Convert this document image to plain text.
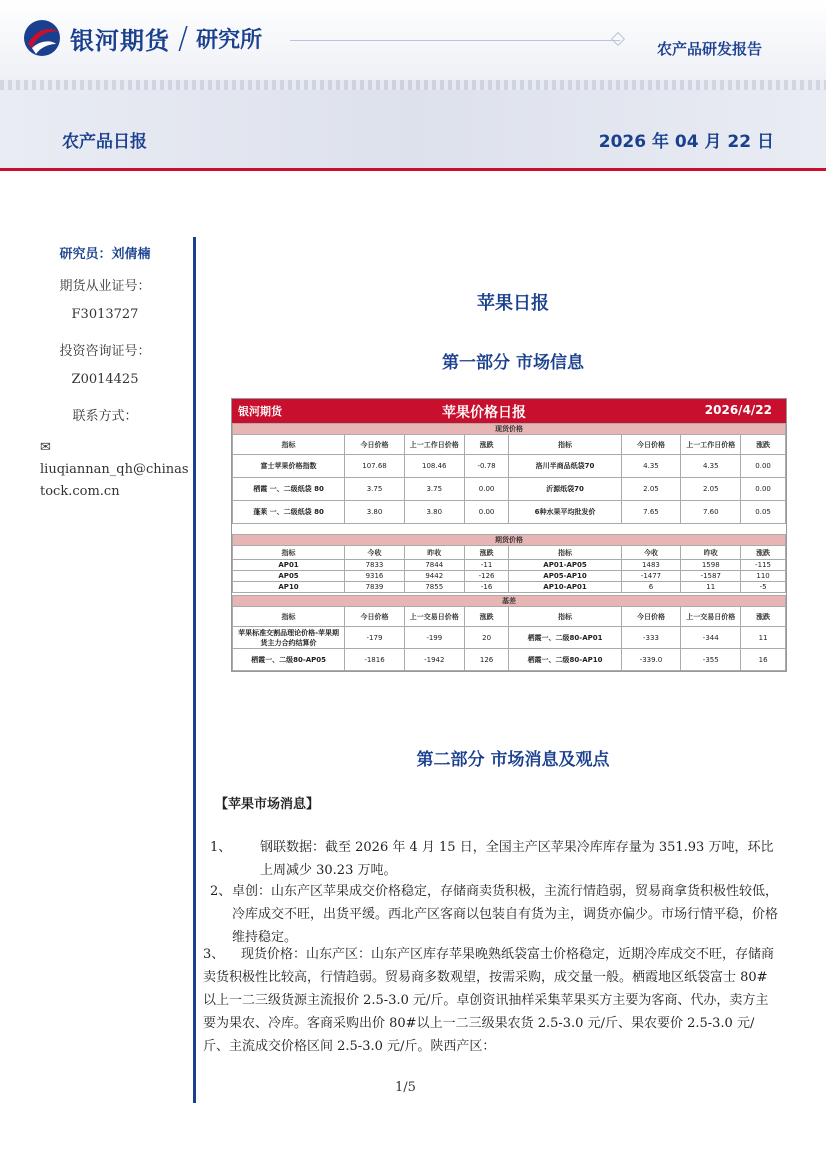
银河期货 / 研究所	农产品研发报告
农产品日报	2026 年 04 月 22 日
研究员：刘倩楠
期货从业证号：
F3013727
投资咨询证号：
Z0014425
联系方式：
✉liuqiannan_qh@chinas
tock.com.cn
苹果日报
第一部分 市场信息
银河期货	苹果价格日报	2026/4/22
现货价格							
指标	今日价格	上一工作日价格	涨跌	指标	今日价格	上一工作日价格	涨跌
富士苹果价格指数	107.68	108.46	-0.78	洛川半商品纸袋70	4.35	4.35	0.00
栖霞 一、二级纸袋 80	3.75	3.75	0.00	沂源纸袋70	2.05	2.05	0.00
蓬莱 一、二级纸袋 80	3.80	3.80	0.00	6种水果平均批发价	7.65	7.60	0.05
期货价格							
指标	今收	昨收	涨跌	指标	今收	昨收	涨跌
AP01	7833	7844	-11	AP01-AP05	1483	1598	-115
AP05	9316	9442	-126	AP05-AP10	-1477	-1587	110
AP10	7839	7855	-16	AP10-AP01	6	11	-5
基差							
指标	今日价格	上一交易日价格	涨跌	指标	今日价格	上一交易日价格	涨跌
苹果标准交割品理论价格-苹果期货主力合约结算价	-179	-199	20	栖霞一、二级80-AP01	-333	-344	11
栖霞一、二级80-AP05	-1816	-1942	126	栖霞一、二级80-AP10	-339.0	-355	16
第二部分 市场消息及观点
【苹果市场消息】
1、	钢联数据：截至 2026 年 4 月 15 日，全国主产区苹果冷库库存量为 351.93 万吨，环比上周减少 30.23 万吨。
2、 卓创：山东产区苹果成交价格稳定，存储商卖货积极，主流行情趋弱，贸易商拿货积极性较低，冷库成交不旺，出货平缓。西北产区客商以包装自有货为主，调货亦偏少。市场行情平稳，价格维持稳定。
3、 现货价格：山东产区：山东产区库存苹果晚熟纸袋富士价格稳定，近期冷库成交不旺，存储商卖货积极性比较高，行情趋弱。贸易商多数观望，按需采购，成交量一般。栖霞地区纸袋富士 80#以上一二三级货源主流报价 2.5-3.0 元/斤。卓创资讯抽样采集苹果买方主要为客商、代办，卖方主要为果农、冷库。客商采购出价 80#以上一二三级果农货 2.5-3.0 元/斤、果农要价 2.5-3.0 元/斤、主流成交价格区间 2.5-3.0 元/斤。陕西产区：
1/5
